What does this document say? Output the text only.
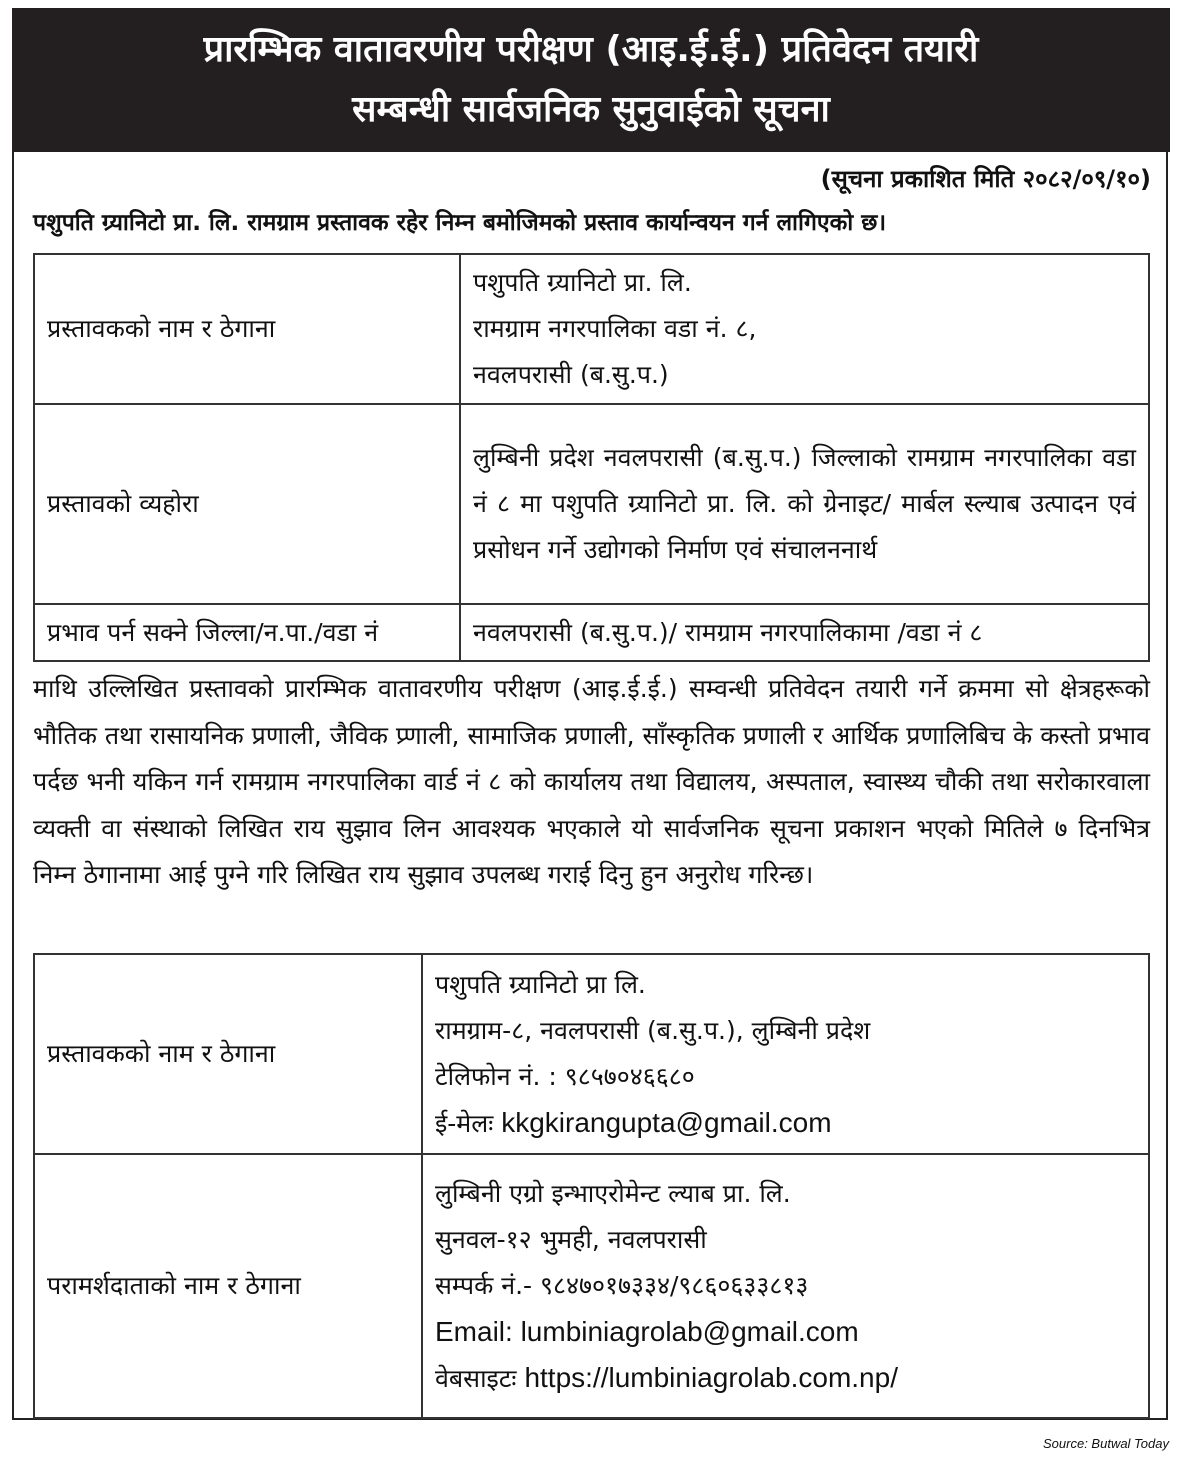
प्रारम्भिक वातावरणीय परीक्षण (आइ.ई.ई.) प्रतिवेदन तयारी
सम्बन्धी सार्वजनिक सुनुवाईको सूचना
(सूचना प्रकाशित मिति २०८२/०९/१०)
पशुपति ग्र्यानिटो प्रा. लि. रामग्राम प्रस्तावक रहेर निम्न बमोजिमको प्रस्ताव कार्यान्वयन गर्न लागिएको छ।
प्रस्तावकको नाम र ठेगाना	पशुपति ग्र्यानिटो प्रा. लि.
रामग्राम नगरपालिका वडा नं. ८,
नवलपरासी (ब.सु.प.)

प्रस्तावको व्यहोरा	लुम्बिनी प्रदेश नवलपरासी (ब.सु.प.) जिल्लाको रामग्राम नगरपालिका वडा नं ८ मा पशुपति ग्र्यानिटो प्रा. लि. को ग्रेनाइट/ मार्बल स्ल्याब उत्पादन एवं प्रसोधन गर्ने उद्योगको निर्माण एवं संचालननार्थ
प्रभाव पर्न सक्ने जिल्ला/न.पा./वडा नं	नवलपरासी (ब.सु.प.)/ रामग्राम नगरपालिकामा /वडा नं ८
माथि उल्लिखित प्रस्तावको प्रारम्भिक वातावरणीय परीक्षण (आइ.ई.ई.) सम्वन्धी प्रतिवेदन तयारी गर्ने क्रममा सो क्षेत्रहरूको भौतिक तथा रासायनिक प्रणाली, जैविक प्र्णाली, सामाजिक प्रणाली, साँस्कृतिक प्रणाली र आर्थिक प्रणालिबिच के कस्तो प्रभाव पर्दछ भनी यकिन गर्न रामग्राम नगरपालिका वार्ड नं ८ को कार्यालय तथा विद्यालय, अस्पताल, स्वास्थ्य चौकी तथा सरोकारवाला व्यक्ती वा संस्थाको लिखित राय सुझाव लिन आवश्यक भएकाले यो सार्वजनिक सूचना प्रकाशन भएको मितिले ७ दिनभित्र निम्न ठेगानामा आई पुग्ने गरि लिखित राय सुझाव उपलब्ध गराई दिनु हुन अनुरोध गरिन्छ।
प्रस्तावकको नाम र ठेगाना	पशुपति ग्र्यानिटो प्रा लि.
रामग्राम-८, नवलपरासी (ब.सु.प.), लुम्बिनी प्रदेश
टेलिफोन नं. : ९८५७०४६६८०
ई-मेलः kkgkirangupta@gmail.com

परामर्शदाताको नाम र ठेगाना	लुम्बिनी एग्रो इन्भाएरोमेन्ट ल्याब प्रा. लि.
सुनवल-१२ भुमही, नवलपरासी
सम्पर्क नं.- ९८४७०१७३३४/९८६०६३३८१३
Email: lumbiniagrolab@gmail.com
वेबसाइटः https://lumbiniagrolab.com.np/
Source: Butwal Today
